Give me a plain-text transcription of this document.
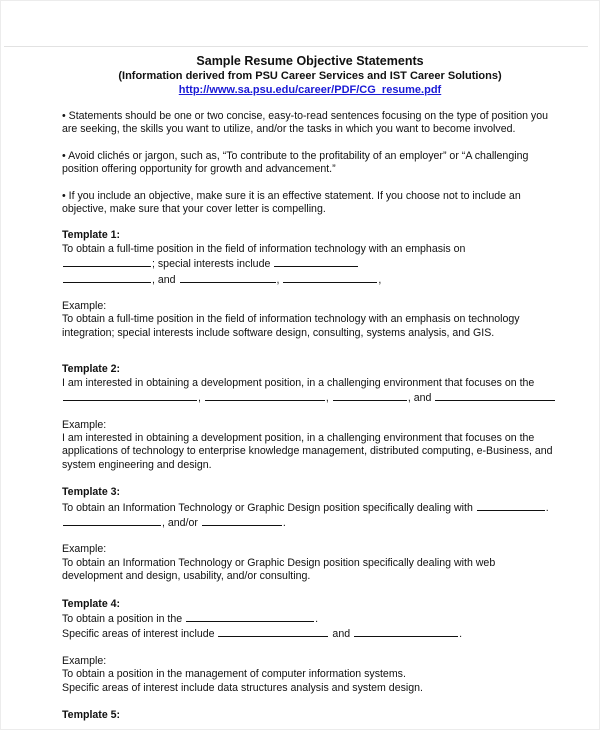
Sample Resume Objective Statements
(Information derived from PSU Career Services and IST Career Solutions)
http://www.sa.psu.edu/career/PDF/CG_resume.pdf

• Statements should be one or two concise, easy-to-read sentences focusing on the type of position you

are seeking, the skills you want to utilize, and/or the tasks in which you want to become involved.

• Avoid clichés or jargon, such as, “To contribute to the profitability of an employer” or “A challenging

position offering opportunity for growth and advancement.”

• If you include an objective, make sure it is an effective statement. If you choose not to include an

objective, make sure that your cover letter is compelling.

Template 1:

To obtain a full-time position in the field of information technology with an emphasis on

; special interests include

, and	,	,

Example:

To obtain a full-time position in the field of information technology with an emphasis on technology

integration; special interests include software design, consulting, systems analysis, and GIS.

Template 2:

I am interested in obtaining a development position, in a challenging environment that focuses on the

,	,	, and

Example:

I am interested in obtaining a development position, in a challenging environment that focuses on the

applications of technology to enterprise knowledge management, distributed computing, e-Business, and

system engineering and design.

Template 3:

To obtain an Information Technology or Graphic Design position specifically dealing with	.

, and/or	.

Example:

To obtain an Information Technology or Graphic Design position specifically dealing with web

development and design, usability, and/or consulting.

Template 4:

To obtain a position in the	.

Specific areas of interest include	and	.

Example:

To obtain a position in the management of computer information systems.

Specific areas of interest include data structures analysis and system design.

Template 5:
